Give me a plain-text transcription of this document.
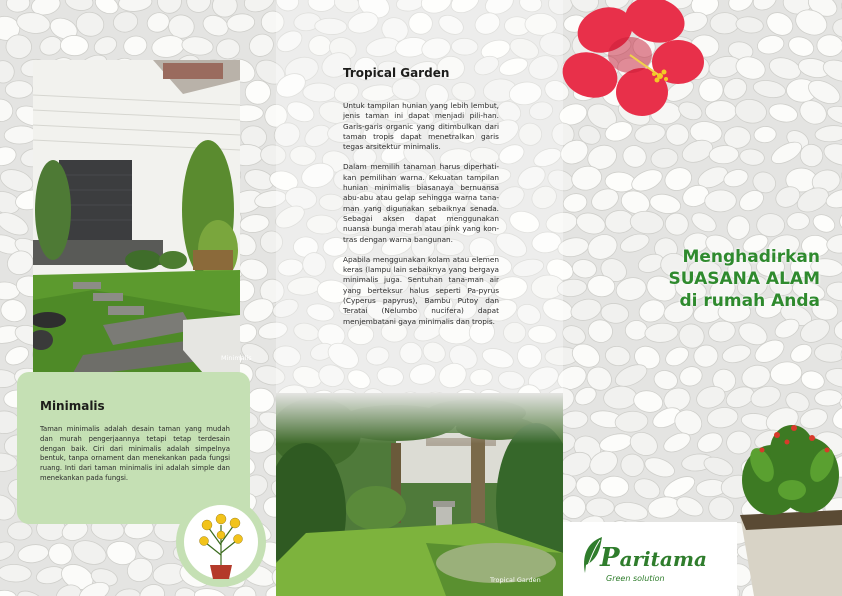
Minimalis
Minimalis
Taman minimalis adalah desain taman yang mudah dan murah pengerjaannya tetapi tetap terdesain dengan baik. Ciri dari minimalis adalah simpelnya bentuk, tanpa ornament dan menekankan pada fungsi ruang. Inti dari taman minimalis ini adalah simple dan menekankan pada fungsi.
Tropical Garden

Untuk tampilan hunian yang lebih lembut, jenis taman ini dapat menjadi pili-han. Garis-garis organic yang ditimbulkan dari taman tropis dapat menetralkan garis tegas arsitektur minimalis.

Dalam memilih tanaman harus diperhati-kan pemilihan warna. Kekuatan tampilan hunian minimalis biasanaya bernuansa abu-abu atau gelap sehingga warna tana-man yang digunakan sebaiknya senada. Sebagai aksen dapat menggunakan nuansa bunga merah atau pink yang kon-tras dengan warna bangunan.

Apabila menggunakan kolam atau elemen keras (lampu lain sebaiknya yang bergaya minimalis juga. Sentuhan tana-man air yang berteksur halus seperti Pa-pyrus (Cyperus papyrus), Bambu Putoy dan Teratai (Nelumbo nucifera) dapat menjembatani gaya minimalis dan tropis.

Tropical Garden
Menghadirkan
SUASANA ALAM
di rumah Anda
Paritama
Green solution
